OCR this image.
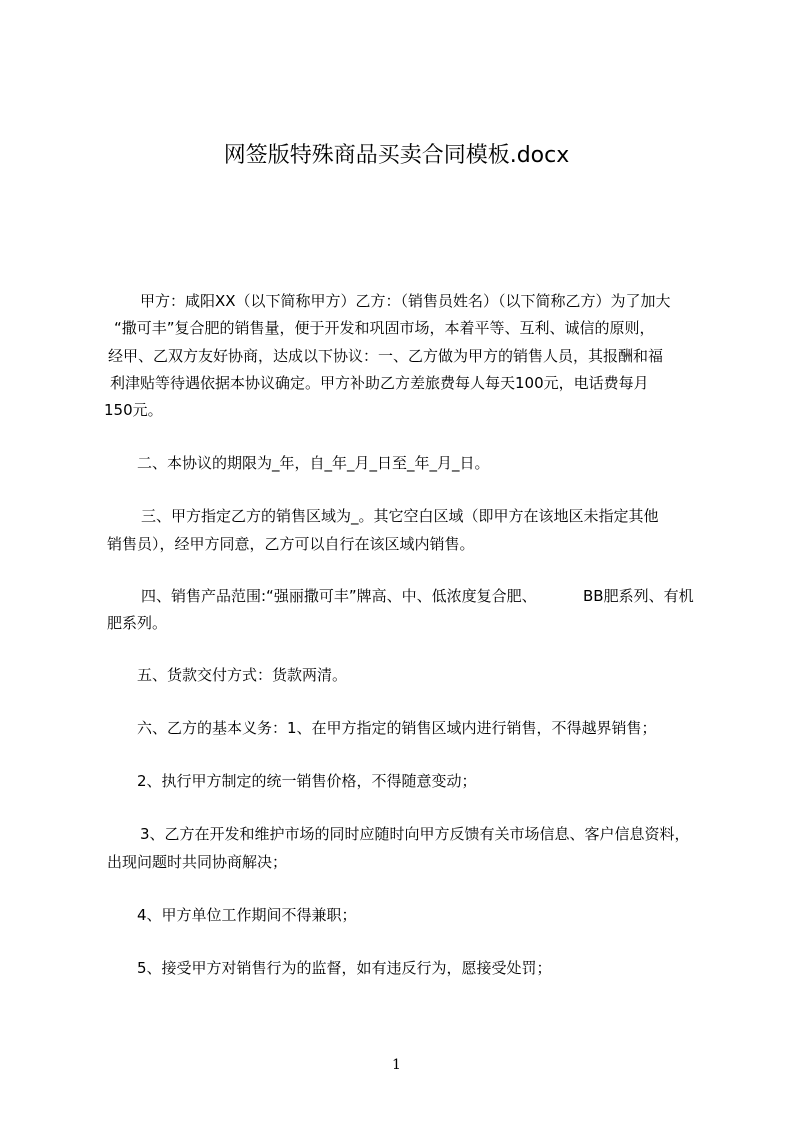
网签版特殊商品买卖合同模板.docx
甲方：咸阳XX（以下简称甲方）乙方：（销售员姓名）（以下简称乙方）为了加大
“撒可丰”复合肥的销售量，便于开发和巩固市场，本着平等、互利、诚信的原则，
经甲、乙双方友好协商，达成以下协议：一、乙方做为甲方的销售人员，其报酬和福
利津贴等待遇依据本协议确定。甲方补助乙方差旅费每人每天100元，电话费每月
150元。
二、本协议的期限为_年，自_年_月_日至_年_月_日。
三、甲方指定乙方的销售区域为_。其它空白区域（即甲方在该地区未指定其他
销售员），经甲方同意，乙方可以自行在该区域内销售。
四、销售产品范围:“强丽撒可丰”牌高、中、低浓度复合肥、	BB肥系列、有机
肥系列。
五、货款交付方式：货款两清。
六、乙方的基本义务：1、在甲方指定的销售区域内进行销售，不得越界销售；
2、执行甲方制定的统一销售价格，不得随意变动；
3、乙方在开发和维护市场的同时应随时向甲方反馈有关市场信息、客户信息资料，
出现问题时共同协商解决；
4、甲方单位工作期间不得兼职；
5、接受甲方对销售行为的监督，如有违反行为，愿接受处罚；
1
